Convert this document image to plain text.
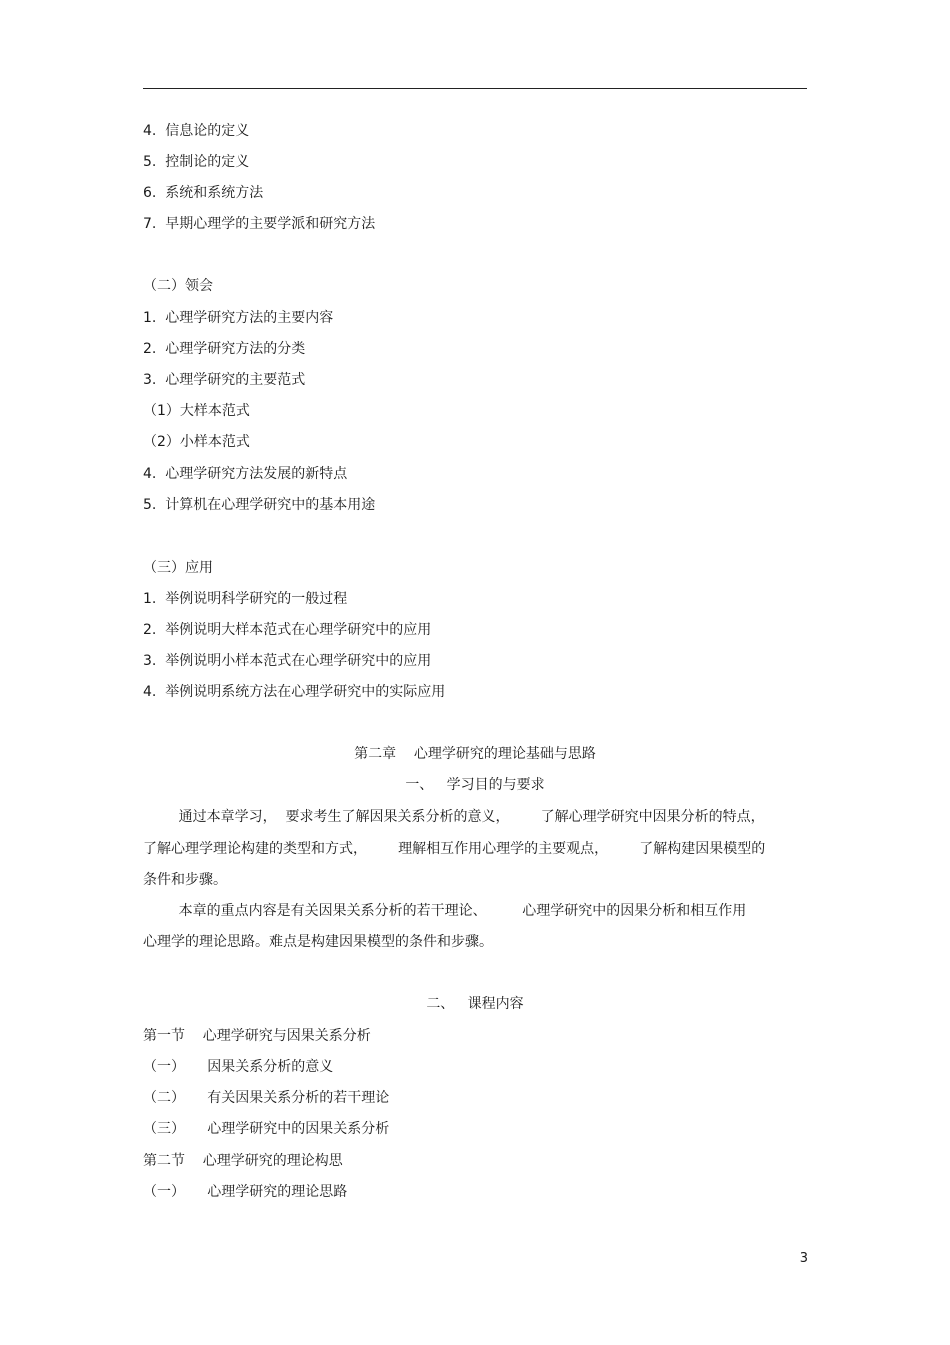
4.  信息论的定义
5.  控制论的定义
6.  系统和系统方法
7.  早期心理学的主要学派和研究方法
（二）领会
1.  心理学研究方法的主要内容
2.  心理学研究方法的分类
3.  心理学研究的主要范式
（1）大样本范式
（2）小样本范式
4.  心理学研究方法发展的新特点
5.  计算机在心理学研究中的基本用途
（三）应用
1.  举例说明科学研究的一般过程
2.  举例说明大样本范式在心理学研究中的应用
3.  举例说明小样本范式在心理学研究中的应用
4.  举例说明系统方法在心理学研究中的实际应用
第二章    心理学研究的理论基础与思路
一、   学习目的与要求
通过本章学习，  要求考生了解因果关系分析的意义，       了解心理学研究中因果分析的特点，
了解心理学理论构建的类型和方式，       理解相互作用心理学的主要观点，       了解构建因果模型的
条件和步骤。
本章的重点内容是有关因果关系分析的若干理论、        心理学研究中的因果分析和相互作用
心理学的理论思路。难点是构建因果模型的条件和步骤。
二、   课程内容
第一节    心理学研究与因果关系分析
（一）     因果关系分析的意义
（二）     有关因果关系分析的若干理论
（三）     心理学研究中的因果关系分析
第二节    心理学研究的理论构思
（一）     心理学研究的理论思路
3
